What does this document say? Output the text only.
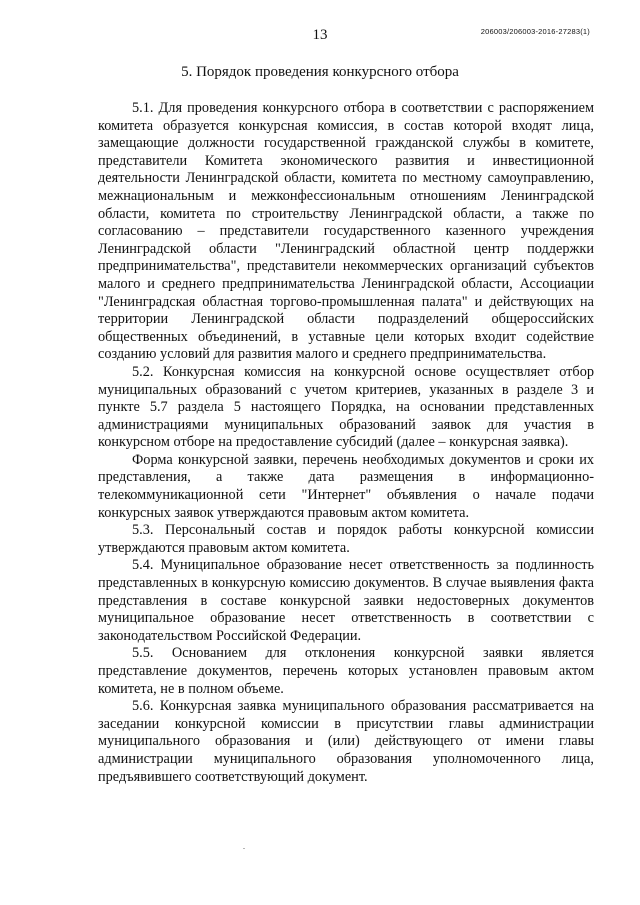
13	206003/206003-2016-27283(1)
5. Порядок проведения конкурсного отбора

5.1. Для проведения конкурсного отбора в соответствии с распоряжением комитета образуется конкурсная комиссия, в состав которой входят лица, замещающие должности государственной гражданской службы в комитете, представители Комитета экономического развития и инвестиционной деятельности Ленинградской области, комитета по местному самоуправлению, межнациональным и межконфессиональным отношениям Ленинградской области, комитета по строительству Ленинградской области, а также по согласованию – представители государственного казенного учреждения Ленинградской области "Ленинградский областной центр поддержки предпринимательства", представители некоммерческих организаций субъектов малого и среднего предпринимательства Ленинградской области, Ассоциации "Ленинградская областная торгово-промышленная палата" и действующих на территории Ленинградской области подразделений общероссийских общественных объединений, в уставные цели которых входит содействие созданию условий для развития малого и среднего предпринимательства.

5.2. Конкурсная комиссия на конкурсной основе осуществляет отбор муниципальных образований с учетом критериев, указанных в разделе 3 и пункте 5.7 раздела 5 настоящего Порядка, на основании представленных администрациями муниципальных образований заявок для участия в конкурсном отборе на предоставление субсидий (далее – конкурсная заявка).

Форма конкурсной заявки, перечень необходимых документов и сроки их представления, а также дата размещения в информационно-телекоммуникационной сети "Интернет" объявления о начале подачи конкурсных заявок утверждаются правовым актом комитета.

5.3. Персональный состав и порядок работы конкурсной комиссии утверждаются правовым актом комитета.

5.4. Муниципальное образование несет ответственность за подлинность представленных в конкурсную комиссию документов. В случае выявления факта представления в составе конкурсной заявки недостоверных документов муниципальное образование несет ответственность в соответствии с законодательством Российской Федерации.

5.5. Основанием для отклонения конкурсной заявки является представление документов, перечень которых установлен правовым актом комитета, не в полном объеме.

5.6. Конкурсная заявка муниципального образования рассматривается на заседании конкурсной комиссии в присутствии главы администрации муниципального образования и (или) действующего от имени главы администрации муниципального образования уполномоченного лица, предъявившего соответствующий документ.
